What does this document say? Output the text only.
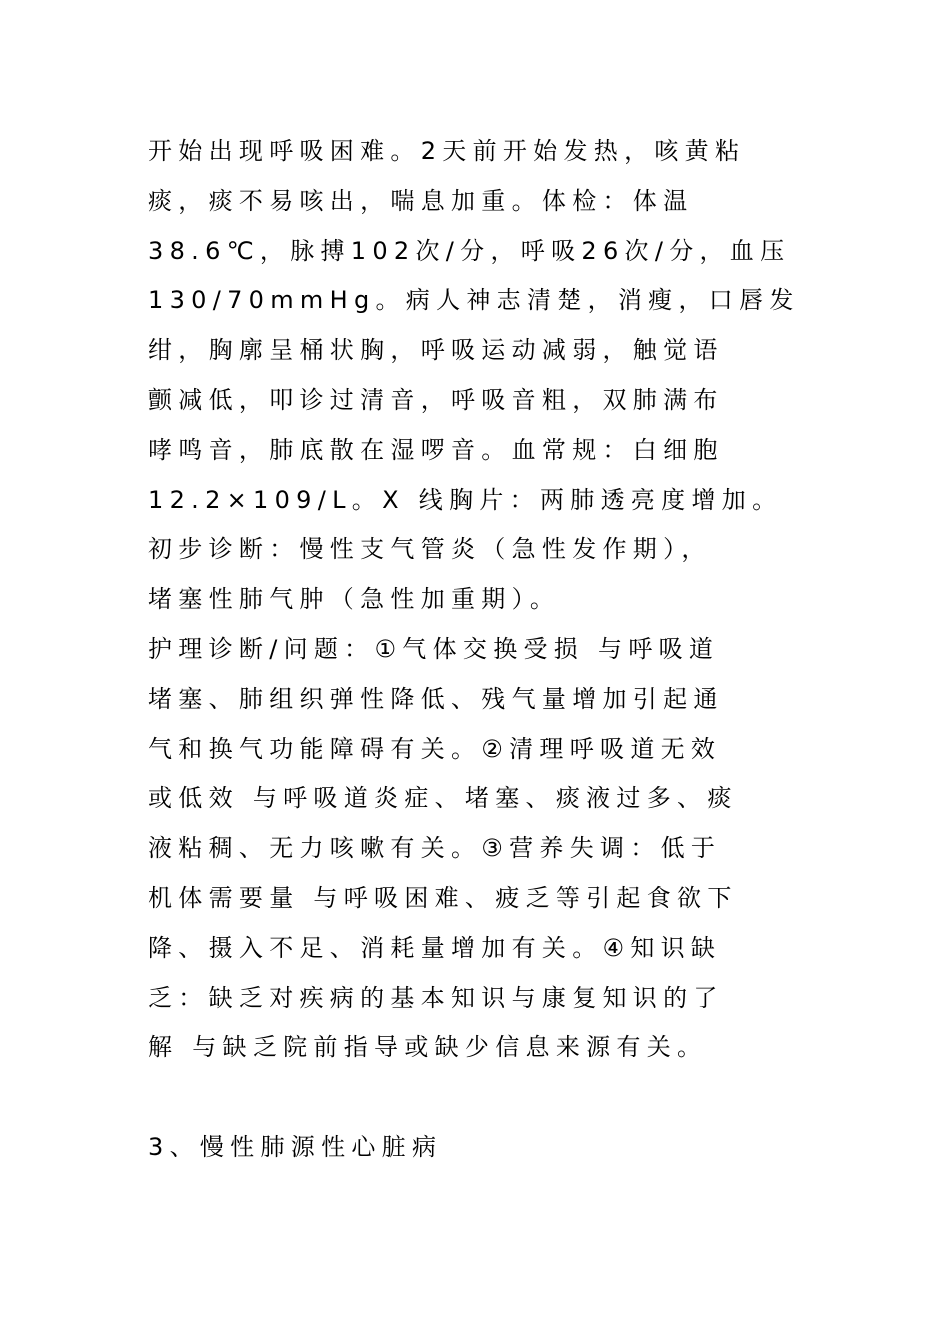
开始出现呼吸困难。2天前开始发热，咳黄粘
痰，痰不易咳出，喘息加重。体检：体温
38.6℃，脉搏102次/分，呼吸26次/分，血压
130/70mmHg。病人神志清楚，消瘦，口唇发
绀，胸廓呈桶状胸，呼吸运动减弱，触觉语
颤减低，叩诊过清音，呼吸音粗，双肺满布
哮鸣音，肺底散在湿啰音。血常规：白细胞
12.2×109/L。X 线胸片：两肺透亮度增加。
初步诊断：慢性支气管炎（急性发作期），
堵塞性肺气肿（急性加重期）。
护理诊断/问题：①气体交换受损 与呼吸道
堵塞、肺组织弹性降低、残气量增加引起通
气和换气功能障碍有关。②清理呼吸道无效
或低效 与呼吸道炎症、堵塞、痰液过多、痰
液粘稠、无力咳嗽有关。③营养失调：低于
机体需要量 与呼吸困难、疲乏等引起食欲下
降、摄入不足、消耗量增加有关。④知识缺
乏：缺乏对疾病的基本知识与康复知识的了
解 与缺乏院前指导或缺少信息来源有关。
3、慢性肺源性心脏病
